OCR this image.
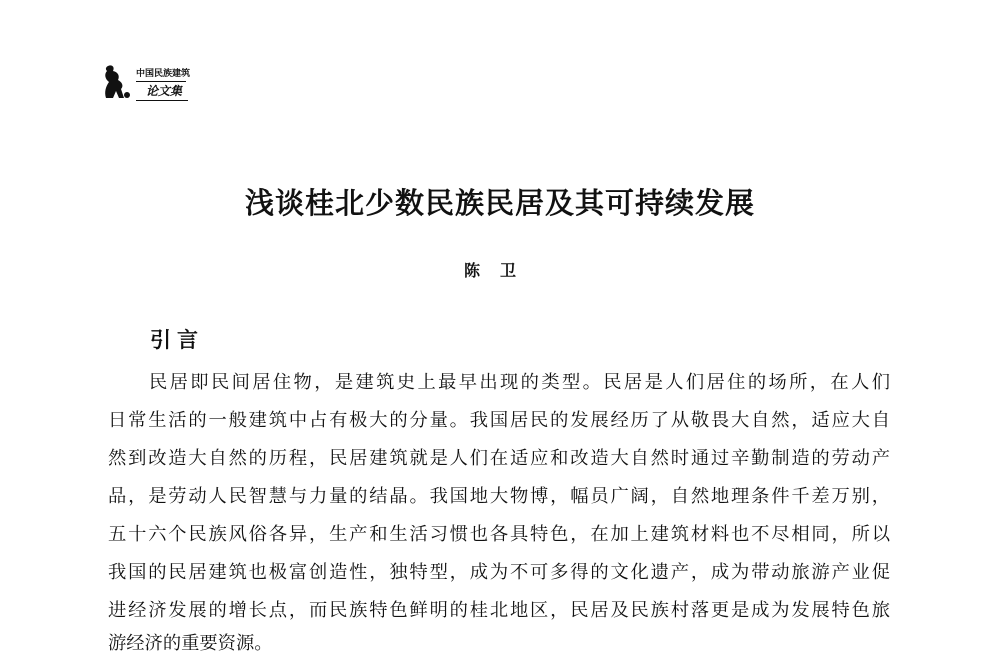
中国民族建筑
论文集
浅谈桂北少数民族民居及其可持续发展
陈卫
引言
民居即民间居住物，是建筑史上最早出现的类型。民居是人们居住的场所，在人们
日常生活的一般建筑中占有极大的分量。我国居民的发展经历了从敬畏大自然，适应大自
然到改造大自然的历程，民居建筑就是人们在适应和改造大自然时通过辛勤制造的劳动产
品，是劳动人民智慧与力量的结晶。我国地大物博，幅员广阔，自然地理条件千差万别，
五十六个民族风俗各异，生产和生活习惯也各具特色，在加上建筑材料也不尽相同，所以
我国的民居建筑也极富创造性，独特型，成为不可多得的文化遗产，成为带动旅游产业促
进经济发展的增长点，而民族特色鲜明的桂北地区，民居及民族村落更是成为发展特色旅
游经济的重要资源。
